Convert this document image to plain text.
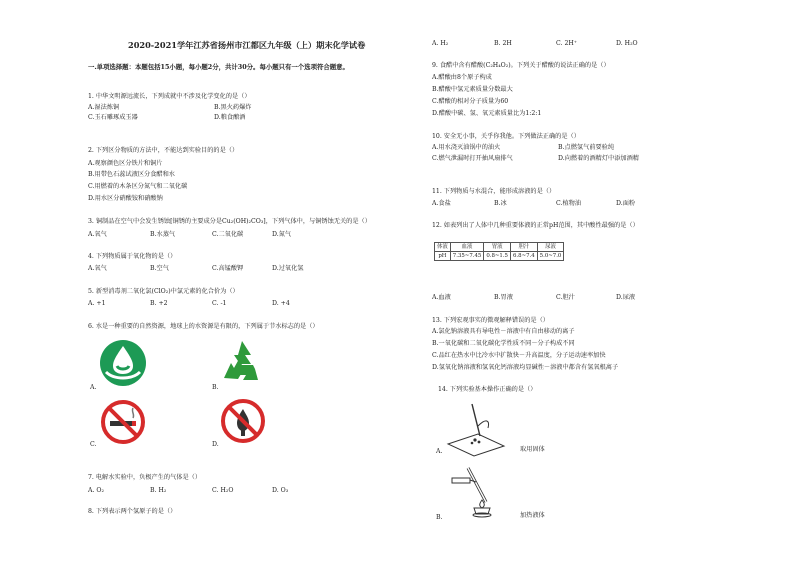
2020-2021学年江苏省扬州市江都区九年级（上）期末化学试卷
一.单项选择题：本题包括15小题，每小题2分，共计30分。每小题只有一个选项符合题意。
1. 中华文明源远流长，下列成就中不涉及化学变化的是（）
A.湿法炼铜	B.黑火药爆炸
C.玉石雕琢成玉器	D.粮食酿酒
2. 下列区分物质的方法中，不能达到实验目的的是（）
A.观察颜色区分铁片和铜片
B.用带色石蕊试液区分食醋和水
C.用燃着的木条区分氮气和二氧化碳
D.用水区分硝酸铵和硝酸钠
3. 铜制品在空气中会发生锈蚀[铜锈的主要成分是Cu₂(OH)₂CO₃]，下列气体中，与铜锈蚀无关的是（）
A.氧气	B.水蒸气	C.二氧化碳	D.氮气
4. 下列物质属于氧化物的是（）
A.氧气	B.空气	C.高锰酸钾	D.过氧化氢
5. 新型消毒剂二氧化氯(ClO₂)中氯元素的化合价为（）
A. +1	B. +2	C. -1	D. +4
6. 水是一种重要的自然资源，地球上的水资源是有限的，下列属于节水标志的是（）
A.	B.
C.	D.
7. 电解水实验中，负极产生的气体是（）
A. O₂	B. H₂	C. H₂O	D. O₃
8. 下列表示两个氢原子的是（）
A. H₂	B. 2H	C. 2H⁺	D. H₂O
9. 食醋中含有醋酸(C₂H₄O₂)。下列关于醋酸的说法正确的是（）
A.醋酸由8个原子构成
B.醋酸中氢元素质量分数最大
C.醋酸的相对分子质量为60
D.醋酸中碳、氢、氧元素质量比为1:2:1
10. 安全无小事，关乎你我他。下列做法正确的是（）
A.用水浇灭油锅中的油火	B.点燃氢气前要验纯
C.燃气泄漏时打开抽风扇排气	D.向燃着的酒精灯中添加酒精
11. 下列物质与水混合，能形成溶液的是（）
A.食盐	B.冰	C.植物油	D.面粉
12. 如表列出了人体中几种重要体液的正常pH范围，其中酸性最强的是（）
体液	血液	胃液	胆汁	尿液
pH	7.35~7.45	0.8~1.5	6.8~7.4	5.0~7.0
A.血液	B.胃液	C.胆汁	D.尿液
13. 下列宏观事实的微观解释错误的是（）
A.氯化钠溶液具有导电性－溶液中有自由移动的离子
B.一氧化碳和二氧化碳化学性质不同－分子构成不同
C.品红在热水中比冷水中扩散快－升高温度，分子运动速率加快
D.氢氧化钠溶液和氢氧化钙溶液均显碱性－溶液中都含有氢氧根离子
14. 下列实验基本操作正确的是（）
A.	取用固体
B.	加热液体
